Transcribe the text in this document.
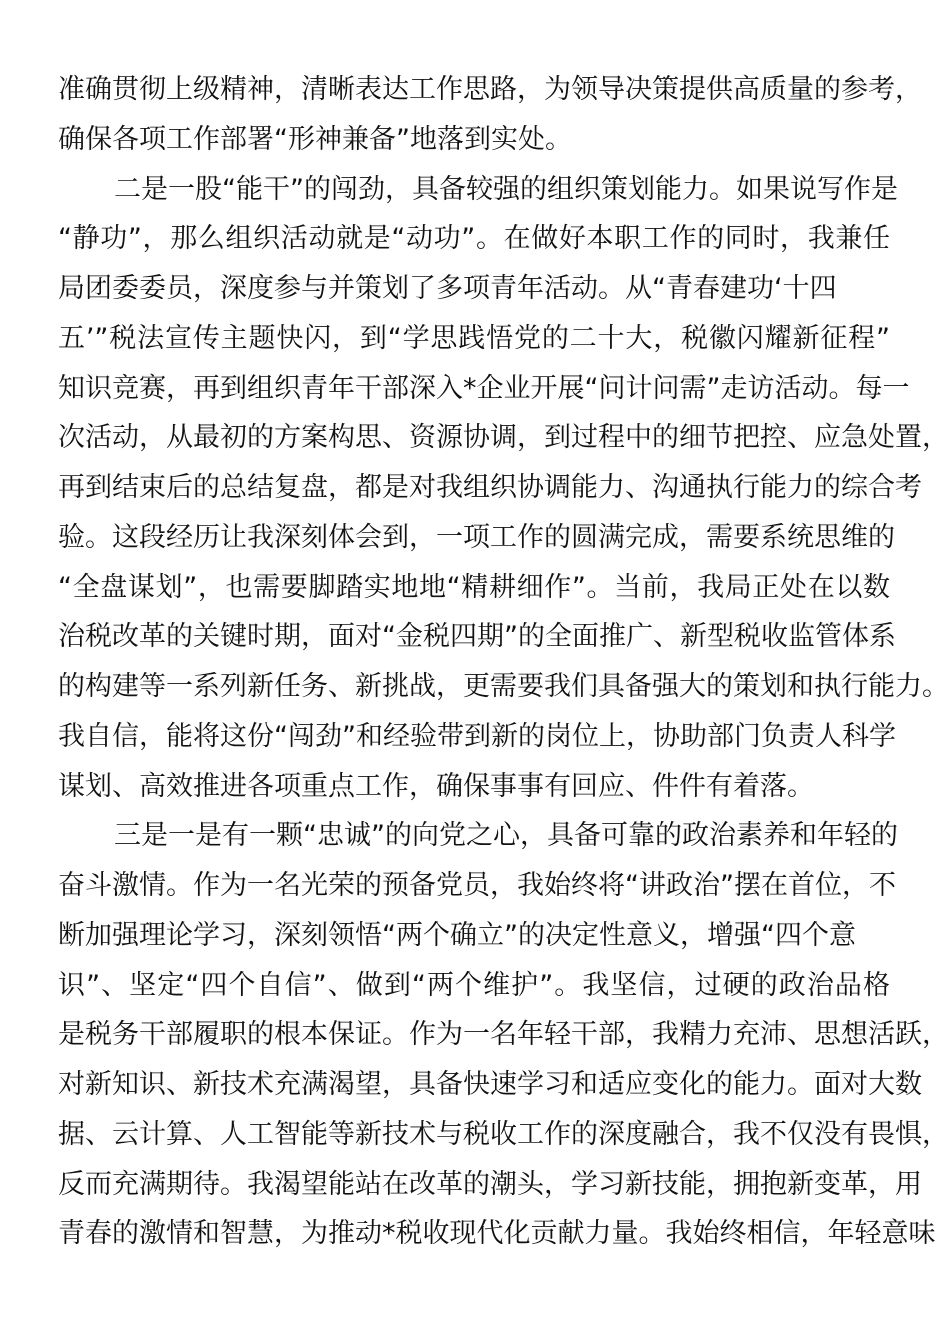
准确贯彻上级精神，清晰表达工作思路，为领导决策提供高质量的参考，
确保各项工作部署“形神兼备”地落到实处。
二是一股“能干”的闯劲，具备较强的组织策划能力。如果说写作是
“静功”，那么组织活动就是“动功”。在做好本职工作的同时，我兼任
局团委委员，深度参与并策划了多项青年活动。从“青春建功‘十四
五’”税法宣传主题快闪，到“学思践悟党的二十大，税徽闪耀新征程”
知识竞赛，再到组织青年干部深入*企业开展“问计问需”走访活动。每一
次活动，从最初的方案构思、资源协调，到过程中的细节把控、应急处置，
再到结束后的总结复盘，都是对我组织协调能力、沟通执行能力的综合考
验。这段经历让我深刻体会到，一项工作的圆满完成，需要系统思维的
“全盘谋划”，也需要脚踏实地地“精耕细作”。当前，我局正处在以数
治税改革的关键时期，面对“金税四期”的全面推广、新型税收监管体系
的构建等一系列新任务、新挑战，更需要我们具备强大的策划和执行能力。
我自信，能将这份“闯劲”和经验带到新的岗位上，协助部门负责人科学
谋划、高效推进各项重点工作，确保事事有回应、件件有着落。
三是一是有一颗“忠诚”的向党之心，具备可靠的政治素养和年轻的
奋斗激情。作为一名光荣的预备党员，我始终将“讲政治”摆在首位，不
断加强理论学习，深刻领悟“两个确立”的决定性意义，增强“四个意
识”、坚定“四个自信”、做到“两个维护”。我坚信，过硬的政治品格
是税务干部履职的根本保证。作为一名年轻干部，我精力充沛、思想活跃，
对新知识、新技术充满渴望，具备快速学习和适应变化的能力。面对大数
据、云计算、人工智能等新技术与税收工作的深度融合，我不仅没有畏惧，
反而充满期待。我渴望能站在改革的潮头，学习新技能，拥抱新变革，用
青春的激情和智慧，为推动*税收现代化贡献力量。我始终相信，年轻意味
